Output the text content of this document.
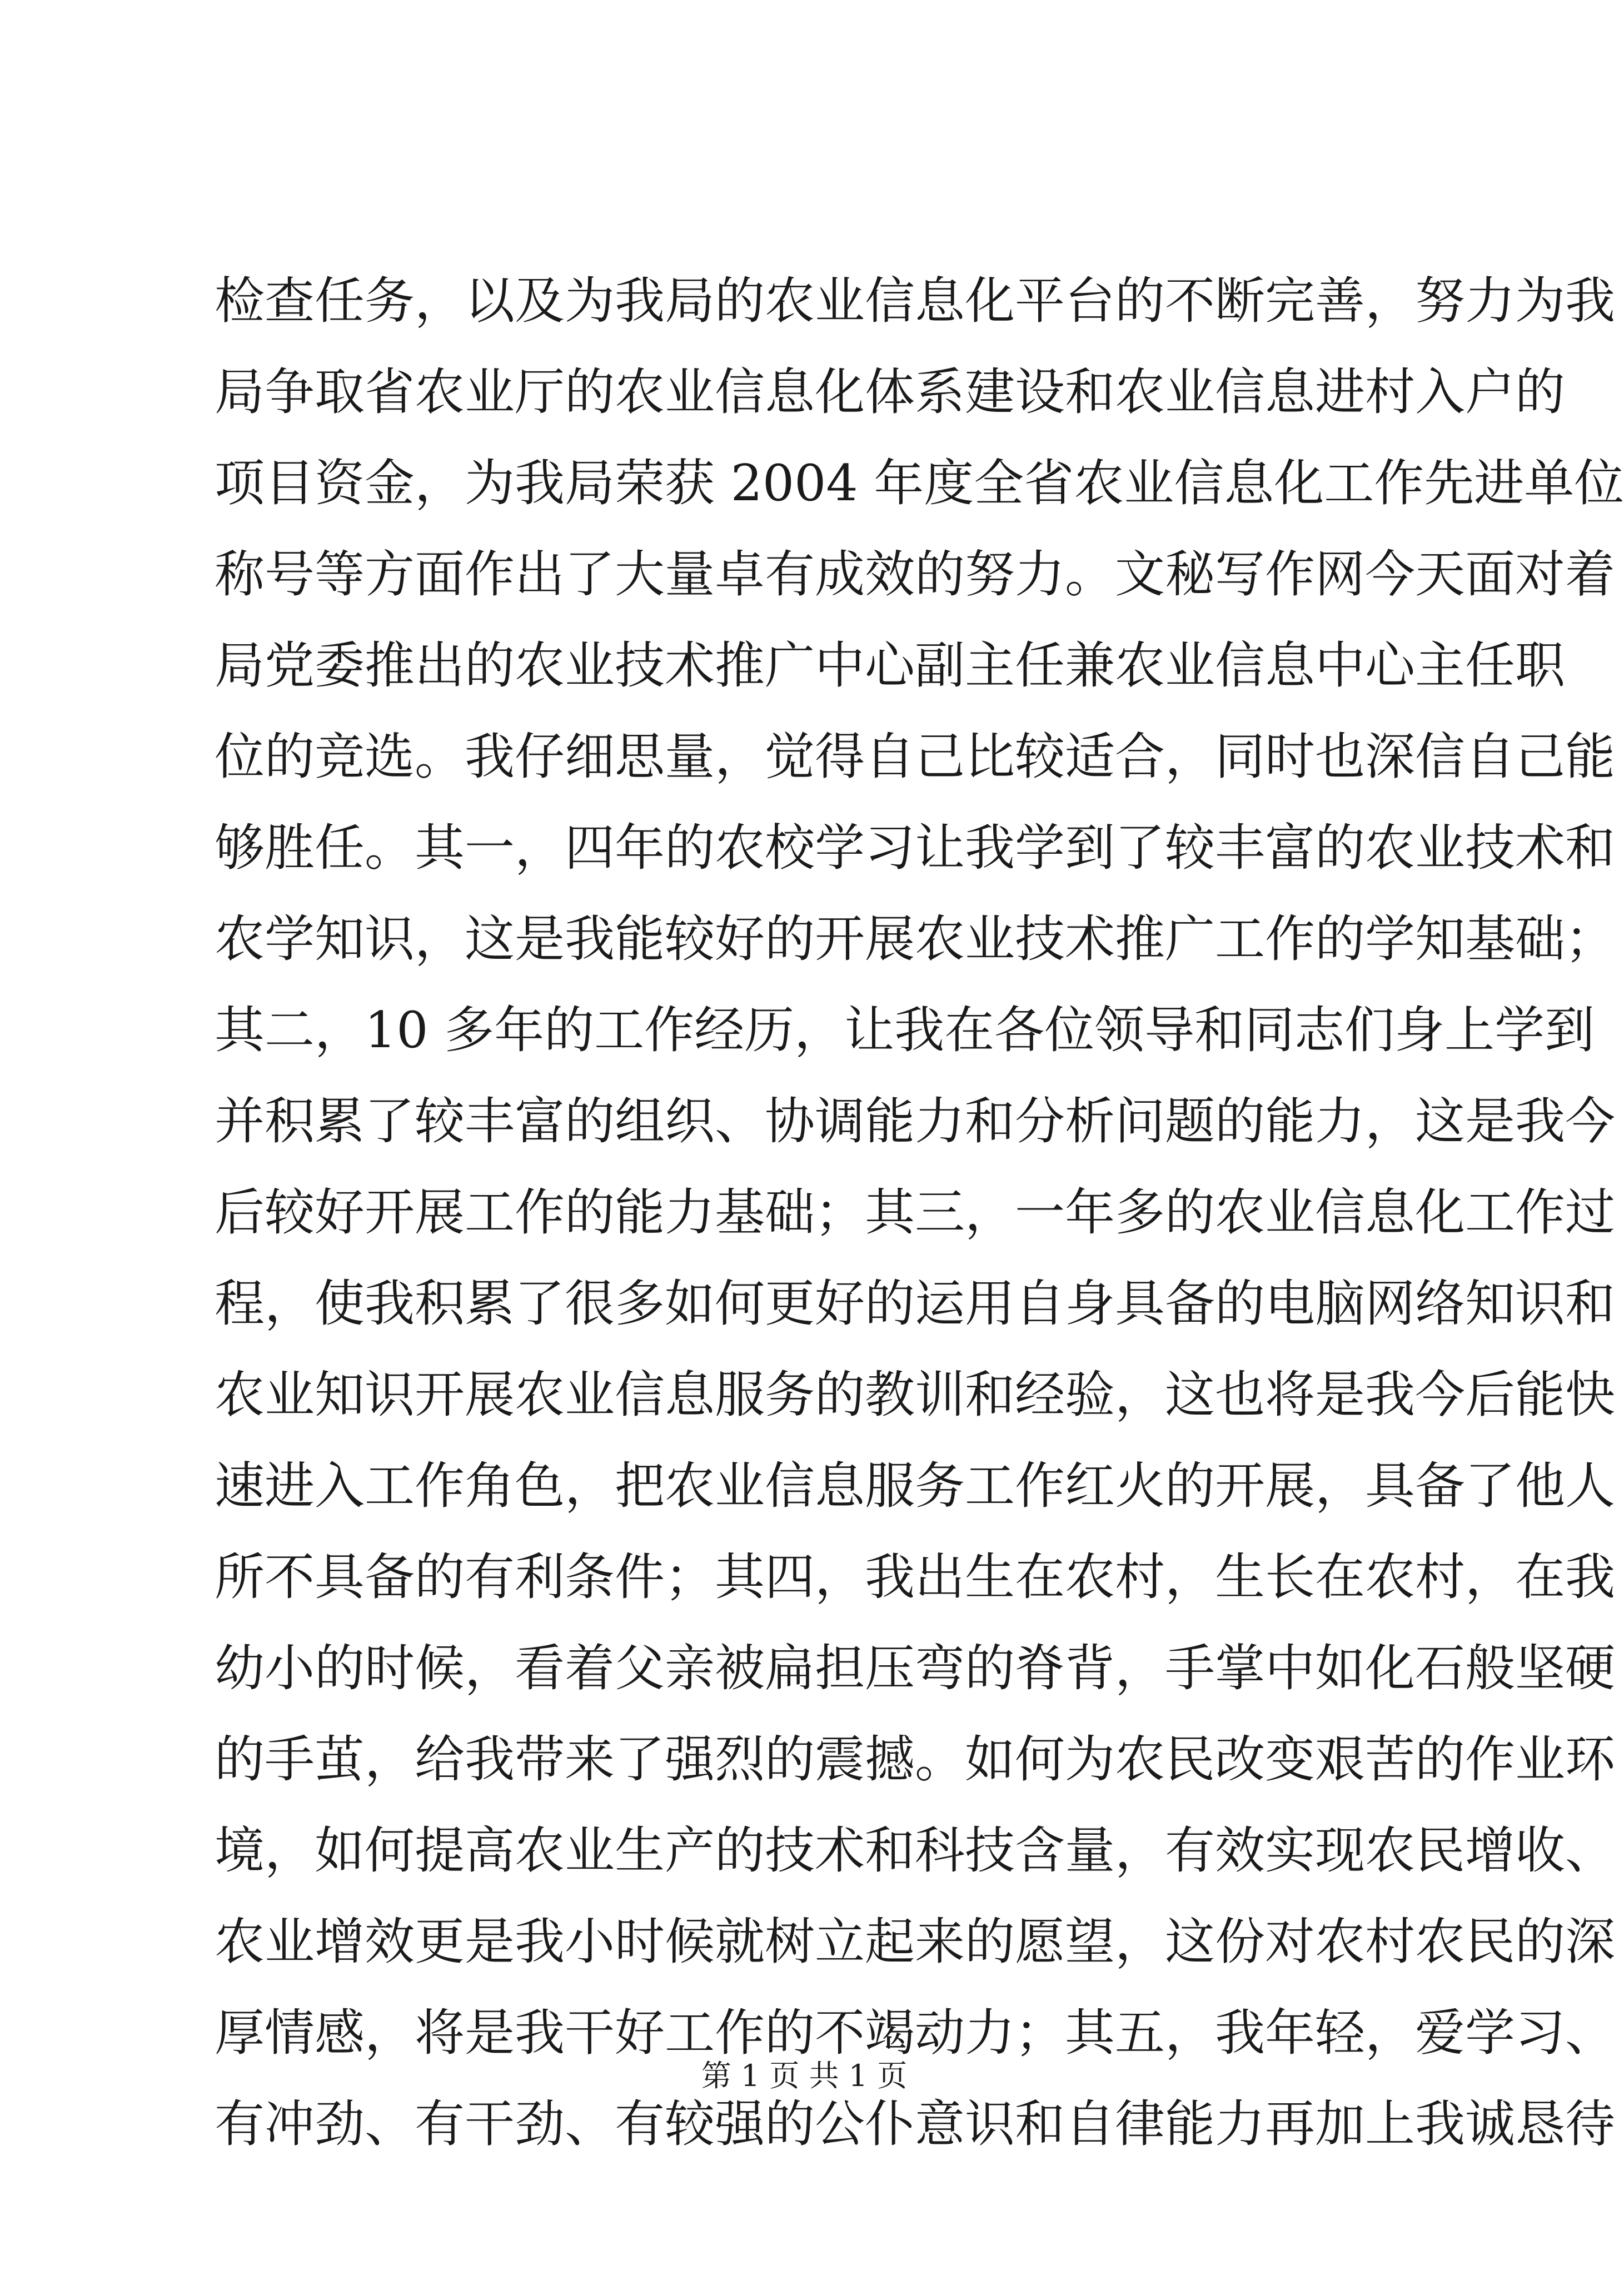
检查任务，以及为我局的农业信息化平台的不断完善，努力为我
局争取省农业厅的农业信息化体系建设和农业信息进村入户的
项目资金，为我局荣获 2004 年度全省农业信息化工作先进单位
称号等方面作出了大量卓有成效的努力。文秘写作网今天面对着
局党委推出的农业技术推广中心副主任兼农业信息中心主任职
位的竞选。我仔细思量，觉得自己比较适合，同时也深信自己能
够胜任。其一，四年的农校学习让我学到了较丰富的农业技术和
农学知识，这是我能较好的开展农业技术推广工作的学知基础；
其二，10 多年的工作经历，让我在各位领导和同志们身上学到
并积累了较丰富的组织、协调能力和分析问题的能力，这是我今
后较好开展工作的能力基础；其三，一年多的农业信息化工作过
程，使我积累了很多如何更好的运用自身具备的电脑网络知识和
农业知识开展农业信息服务的教训和经验，这也将是我今后能快
速进入工作角色，把农业信息服务工作红火的开展，具备了他人
所不具备的有利条件；其四，我出生在农村，生长在农村，在我
幼小的时候，看着父亲被扁担压弯的脊背，手掌中如化石般坚硬
的手茧，给我带来了强烈的震撼。如何为农民改变艰苦的作业环
境，如何提高农业生产的技术和科技含量，有效实现农民增收、
农业增效更是我小时候就树立起来的愿望，这份对农村农民的深
厚情感，将是我干好工作的不竭动力；其五，我年轻，爱学习、
有冲劲、有干劲、有较强的公仆意识和自律能力再加上我诚恳待
第 1 页 共 1 页
